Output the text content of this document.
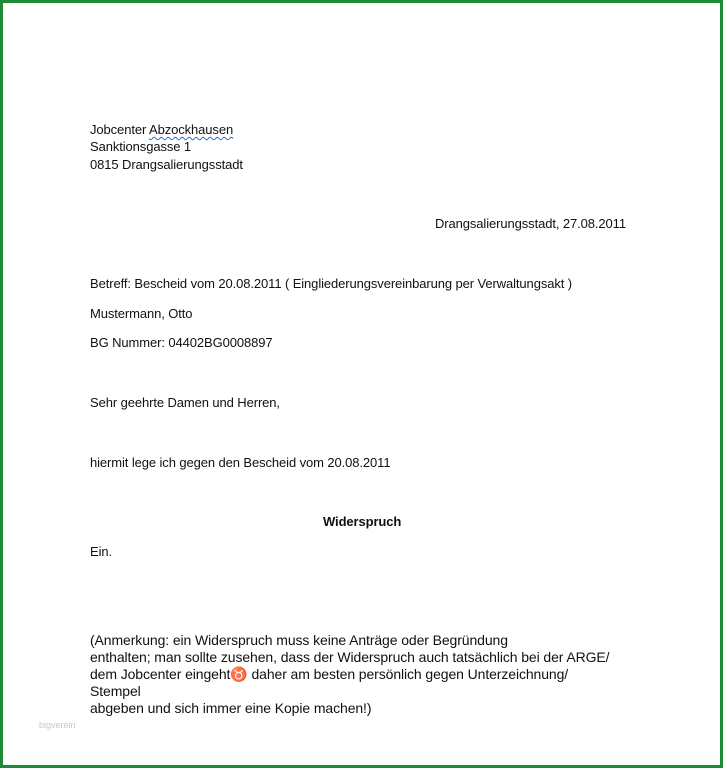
Jobcenter Abzockhausen
Sanktionsgasse 1
0815 Drangsalierungsstadt
Drangsalierungsstadt, 27.08.2011
Betreff: Bescheid vom 20.08.2011 ( Eingliederungsvereinbarung per Verwaltungsakt )
Mustermann, Otto
BG Nummer: 04402BG0008897
Sehr geehrte Damen und Herren,
hiermit lege ich gegen den Bescheid vom 20.08.2011
Widerspruch
Ein.
(Anmerkung: ein Widerspruch muss keine Anträge oder Begründung
enthalten; man sollte zusehen, dass der Widerspruch auch tatsächlich bei der ARGE/
dem Jobcenter eingeht♉ daher am besten persönlich gegen Unterzeichnung/
Stempel
abgeben und sich immer eine Kopie machen!)
bigverein
